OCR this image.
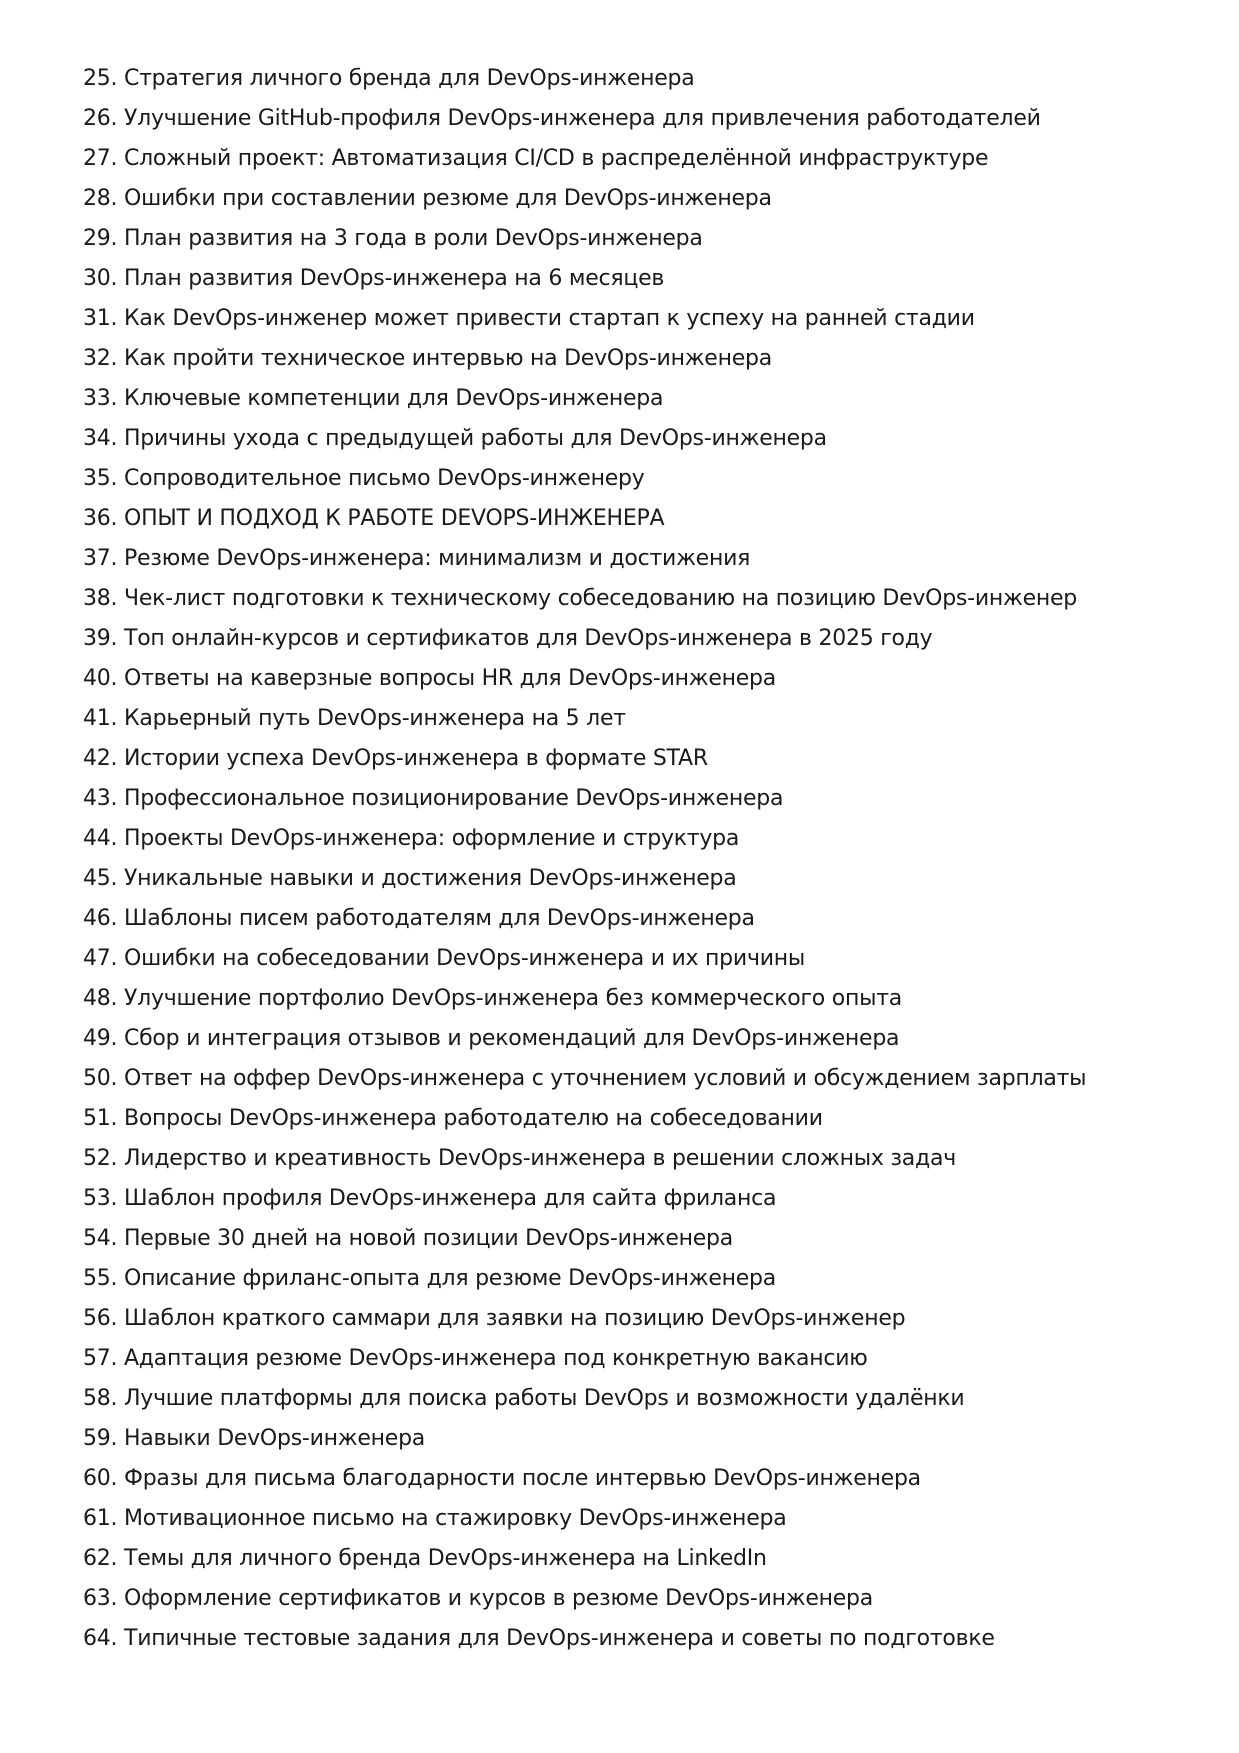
25. Стратегия личного бренда для DevOps-инженера
26. Улучшение GitHub-профиля DevOps-инженера для привлечения работодателей
27. Сложный проект: Автоматизация CI/CD в распределённой инфраструктуре
28. Ошибки при составлении резюме для DevOps-инженера
29. План развития на 3 года в роли DevOps-инженера
30. План развития DevOps-инженера на 6 месяцев
31. Как DevOps-инженер может привести стартап к успеху на ранней стадии
32. Как пройти техническое интервью на DevOps-инженера
33. Ключевые компетенции для DevOps-инженера
34. Причины ухода с предыдущей работы для DevOps-инженера
35. Сопроводительное письмо DevOps-инженеру
36. ОПЫТ И ПОДХОД К РАБОТЕ DEVOPS-ИНЖЕНЕРА
37. Резюме DevOps-инженера: минимализм и достижения
38. Чек-лист подготовки к техническому собеседованию на позицию DevOps-инженер
39. Топ онлайн-курсов и сертификатов для DevOps-инженера в 2025 году
40. Ответы на каверзные вопросы HR для DevOps-инженера
41. Карьерный путь DevOps-инженера на 5 лет
42. Истории успеха DevOps-инженера в формате STAR
43. Профессиональное позиционирование DevOps-инженера
44. Проекты DevOps-инженера: оформление и структура
45. Уникальные навыки и достижения DevOps-инженера
46. Шаблоны писем работодателям для DevOps-инженера
47. Ошибки на собеседовании DevOps-инженера и их причины
48. Улучшение портфолио DevOps-инженера без коммерческого опыта
49. Сбор и интеграция отзывов и рекомендаций для DevOps-инженера
50. Ответ на оффер DevOps-инженера с уточнением условий и обсуждением зарплаты
51. Вопросы DevOps-инженера работодателю на собеседовании
52. Лидерство и креативность DevOps-инженера в решении сложных задач
53. Шаблон профиля DevOps-инженера для сайта фриланса
54. Первые 30 дней на новой позиции DevOps-инженера
55. Описание фриланс-опыта для резюме DevOps-инженера
56. Шаблон краткого саммари для заявки на позицию DevOps-инженер
57. Адаптация резюме DevOps-инженера под конкретную вакансию
58. Лучшие платформы для поиска работы DevOps и возможности удалёнки
59. Навыки DevOps-инженера
60. Фразы для письма благодарности после интервью DevOps-инженера
61. Мотивационное письмо на стажировку DevOps-инженера
62. Темы для личного бренда DevOps-инженера на LinkedIn
63. Оформление сертификатов и курсов в резюме DevOps-инженера
64. Типичные тестовые задания для DevOps-инженера и советы по подготовке
